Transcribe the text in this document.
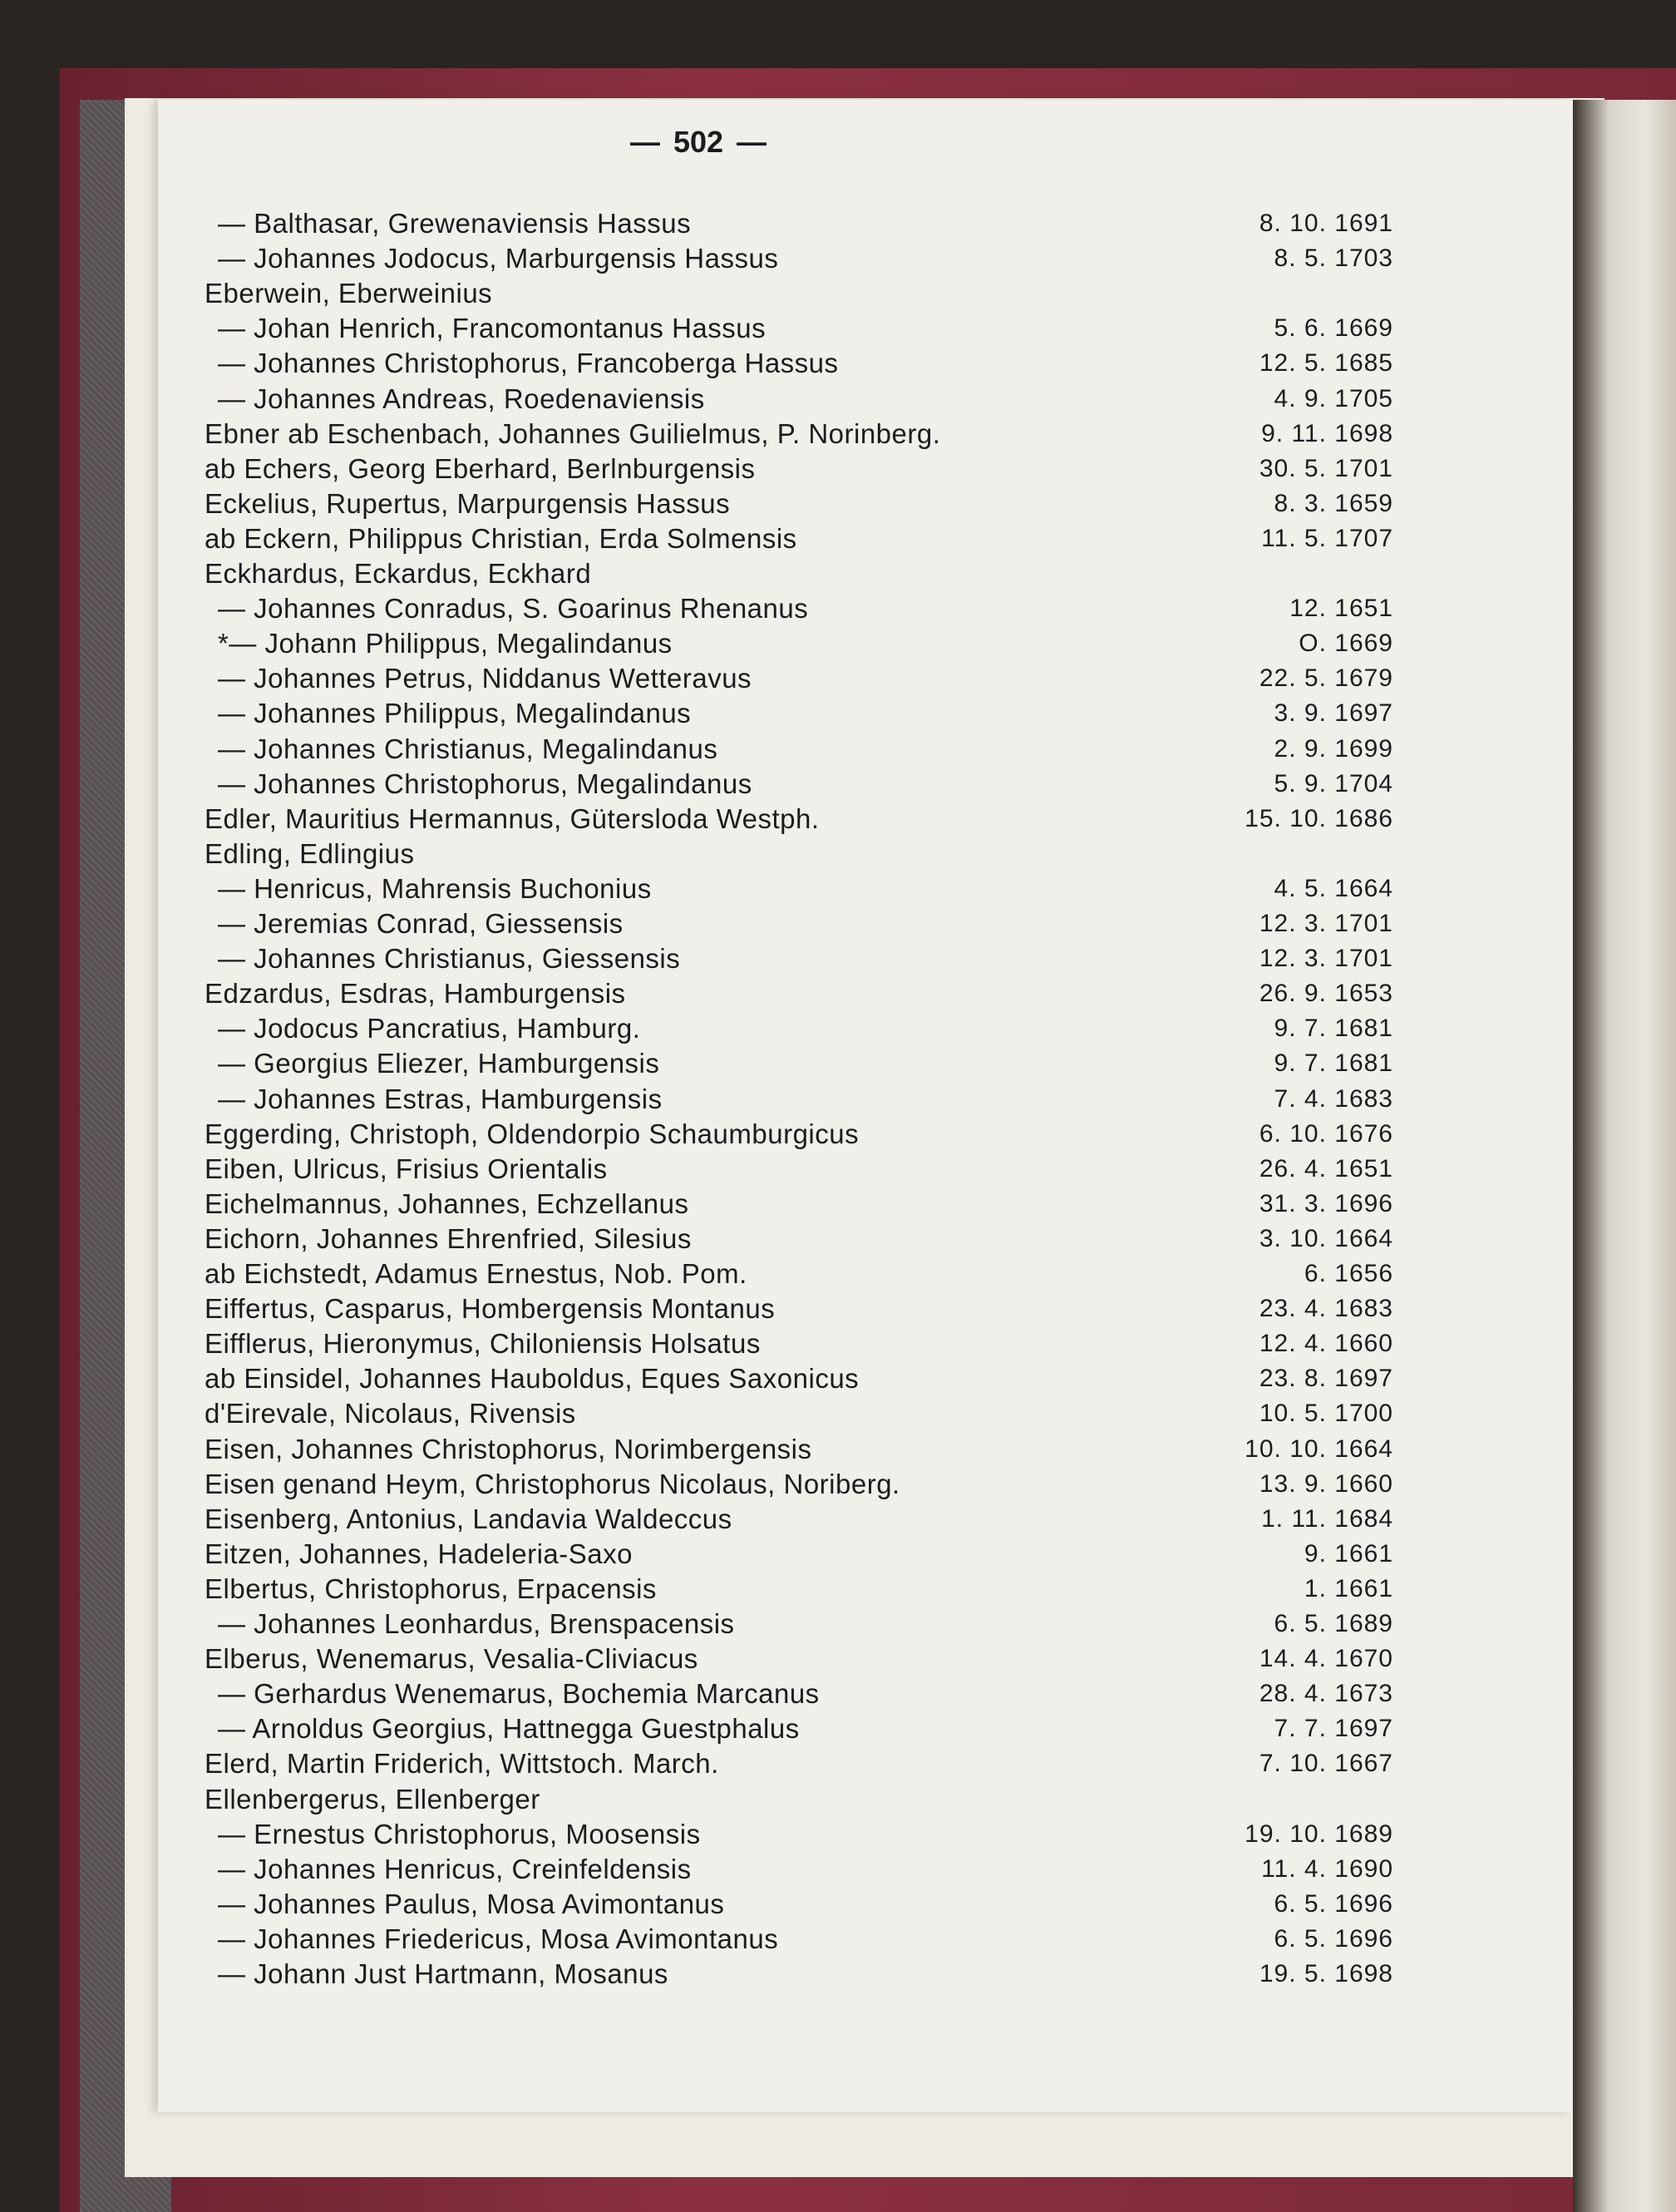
— 502 —
— Balthasar, Grewenaviensis Hassus	8. 10. 1691
— Johannes Jodocus, Marburgensis Hassus	8. 5. 1703
Eberwein, Eberweinius
— Johan Henrich, Francomontanus Hassus	5. 6. 1669
— Johannes Christophorus, Francoberga Hassus	12. 5. 1685
— Johannes Andreas, Roedenaviensis	4. 9. 1705
Ebner ab Eschenbach, Johannes Guilielmus, P. Norinberg.	9. 11. 1698
ab Echers, Georg Eberhard, Berlnburgensis	30. 5. 1701
Eckelius, Rupertus, Marpurgensis Hassus	8. 3. 1659
ab Eckern, Philippus Christian, Erda Solmensis	11. 5. 1707
Eckhardus, Eckardus, Eckhard
— Johannes Conradus, S. Goarinus Rhenanus	12. 1651
*— Johann Philippus, Megalindanus	O. 1669
— Johannes Petrus, Niddanus Wetteravus	22. 5. 1679
— Johannes Philippus, Megalindanus	3. 9. 1697
— Johannes Christianus, Megalindanus	2. 9. 1699
— Johannes Christophorus, Megalindanus	5. 9. 1704
Edler, Mauritius Hermannus, Gütersloda Westph.	15. 10. 1686
Edling, Edlingius
— Henricus, Mahrensis Buchonius	4. 5. 1664
— Jeremias Conrad, Giessensis	12. 3. 1701
— Johannes Christianus, Giessensis	12. 3. 1701
Edzardus, Esdras, Hamburgensis	26. 9. 1653
— Jodocus Pancratius, Hamburg.	9. 7. 1681
— Georgius Eliezer, Hamburgensis	9. 7. 1681
— Johannes Estras, Hamburgensis	7. 4. 1683
Eggerding, Christoph, Oldendorpio Schaumburgicus	6. 10. 1676
Eiben, Ulricus, Frisius Orientalis	26. 4. 1651
Eichelmannus, Johannes, Echzellanus	31. 3. 1696
Eichorn, Johannes Ehrenfried, Silesius	3. 10. 1664
ab Eichstedt, Adamus Ernestus, Nob. Pom.	6. 1656
Eiffertus, Casparus, Hombergensis Montanus	23. 4. 1683
Eifflerus, Hieronymus, Chiloniensis Holsatus	12. 4. 1660
ab Einsidel, Johannes Hauboldus, Eques Saxonicus	23. 8. 1697
d'Eirevale, Nicolaus, Rivensis	10. 5. 1700
Eisen, Johannes Christophorus, Norimbergensis	10. 10. 1664
Eisen genand Heym, Christophorus Nicolaus, Noriberg.	13. 9. 1660
Eisenberg, Antonius, Landavia Waldeccus	1. 11. 1684
Eitzen, Johannes, Hadeleria-Saxo	9. 1661
Elbertus, Christophorus, Erpacensis	1. 1661
— Johannes Leonhardus, Brenspacensis	6. 5. 1689
Elberus, Wenemarus, Vesalia-Cliviacus	14. 4. 1670
— Gerhardus Wenemarus, Bochemia Marcanus	28. 4. 1673
— Arnoldus Georgius, Hattnegga Guestphalus	7. 7. 1697
Elerd, Martin Friderich, Wittstoch. March.	7. 10. 1667
Ellenbergerus, Ellenberger
— Ernestus Christophorus, Moosensis	19. 10. 1689
— Johannes Henricus, Creinfeldensis	11. 4. 1690
— Johannes Paulus, Mosa Avimontanus	6. 5. 1696
— Johannes Friedericus, Mosa Avimontanus	6. 5. 1696
— Johann Just Hartmann, Mosanus	19. 5. 1698
